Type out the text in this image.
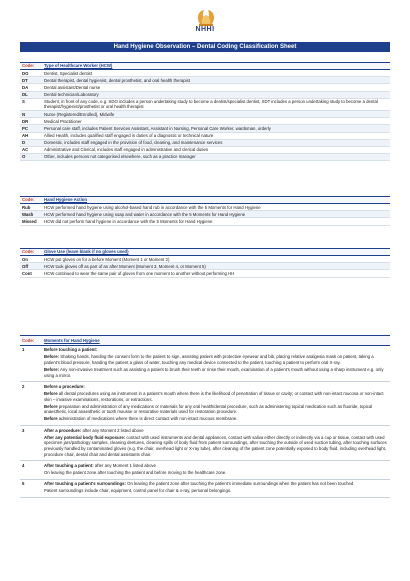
NHHI
Hand Hygiene Observation – Dental Coding Classification Sheet
Code:	Type of Healthcare Worker (HCW)
DO	Dentist, Specialist dentist
DT	Dental therapist, dental hygienist, dental prosthetist, and oral health therapist
DA	Dental assistant/Dental nurse
DL	Dental technician/Laboratory
S	Student, in front of any code, e.g. SDO includes a person undertaking study to become a dentist/specialist dentist, SDT includes a person undertaking study to become a dental therapist/hygienist/prosthetist or oral health therapist
N	Nurse (Registered/Enrolled), Midwife
DR	Medical Practitioner
PC	Personal care staff, includes Patient Services Assistant, Assistant in Nursing, Personal Care Worker, wardsman, orderly
AH	Allied Health, includes qualified staff engaged in duties of a diagnostic or technical nature
D	Domestic, includes staff engaged in the provision of food, cleaning, and maintenance services
AC	Administrative and Clerical, includes staff engaged in administrative and clerical duties
O	Other, includes persons not categorised elsewhere, such as a practice manager
Code:	Hand Hygiene Action
Rub	HCW performed hand hygiene using alcohol-based hand rub in accordance with the 5 Moments for Hand Hygiene
Wash	HCW performed hand hygiene using soap and water in accordance with the 5 Moments for Hand Hygiene
Missed	HCW did not perform hand hygiene in accordance with the 5 Moments for Hand Hygiene
Code:	Glove Use (leave blank if no gloves used)
On	HCW put gloves on for a before Moment (Moment 1 or Moment 2)
Off	HCW took gloves off as part of an after Moment (Moment 3, Moment 4, or Moment 5)
Cont	HCW continued to wear the same pair of gloves from one moment to another without performing HH
Code:	Moments for Hand Hygiene
1	Before touching a patient:

Before: Shaking hands, handing the consent form to the patient to sign, assisting patient with protective eyewear and bib, placing relative analgesia mask on patient, taking a patient's blood pressure, handing the patient a glass of water, touching any medical device connected to the patient, touching a patient to perform oral X-ray.

Before: Any non-invasive treatment such as assisting a patient to brush their teeth or rinse their mouth, examination of a patient's mouth without using a sharp instrument e.g. only using a mirror.

2	Before a procedure:

Before all dental procedures using an instrument in a patient's mouth where there is the likelihood of penetration of tissue or cavity; or contact with non-intact mucosa or non-intact skin – invasive examinations, restorations, or extractions.

Before preparation and administration of any medications or materials for any oral health/dental procedure, such as administering topical medication such as fluoride, topical anaesthetic, local anaesthetic or tooth mousse or restorative materials used for restoration procedure.

Before administration of medications where there is direct contact with non-intact mucous membrane.

3	After a procedure: after any Moment 2 listed above

After any potential body fluid exposure: contact with used instruments and dental appliances, contact with saliva either directly or indirectly via a cup or tissue, contact with used specimen jars/pathology samples, cleaning dentures, cleaning spills of body fluid from patient surroundings, after touching the outside of used suction tubing, after touching surfaces previously handled by contaminated gloves (e.g. the chair, overhead light or X-ray tube), after cleaning of the patient zone potentially exposed to body fluid, including overhead light, procedure chair, dental chair and dental assistants chair.

4	After touching a patient: after any Moment 1 listed above

On leaving the patient zone after touching the patient and before moving to the healthcare zone.

5	After touching a patient's surroundings: On leaving the patient zone after touching the patient's immediate surroundings when the patient has not been touched

Patient surroundings include chair, equipment, control panel for chair & x-ray, personal belongings.
